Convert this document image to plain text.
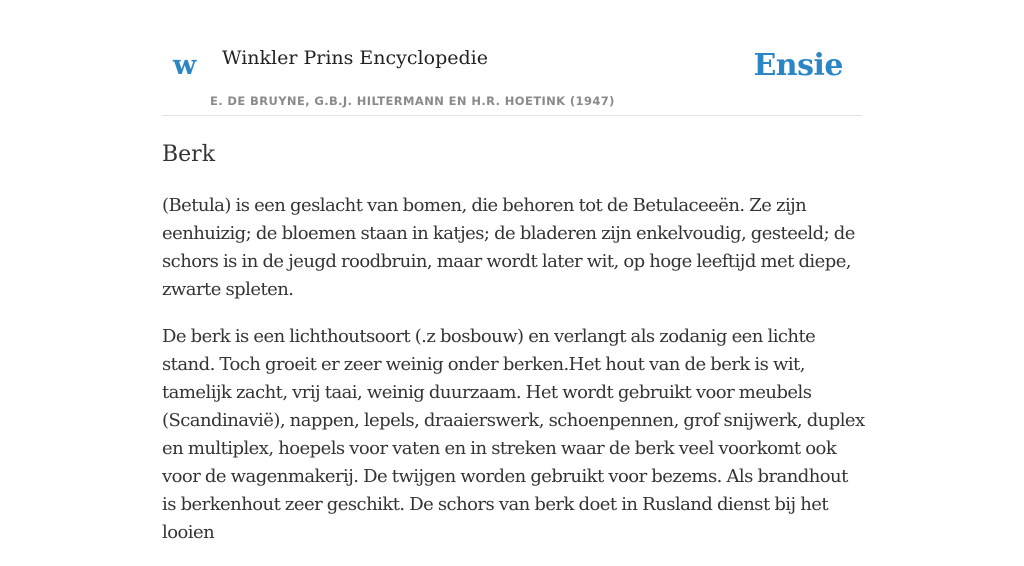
w Winkler Prins Encyclopedie
E. DE BRUYNE, G.B.J. HILTERMANN EN H.R. HOETINK (1947)
Ensie
Berk

(Betula) is een geslacht van bomen, die behoren tot de Betulaceeën. Ze zijn eenhuizig; de bloemen staan in katjes; de bladeren zijn enkelvoudig, gesteeld; de schors is in de jeugd roodbruin, maar wordt later wit, op hoge leeftijd met diepe, zwarte spleten.

De berk is een lichthoutsoort (.z bosbouw) en verlangt als zodanig een lichte stand. Toch groeit er zeer weinig onder berken.Het hout van de berk is wit, tamelijk zacht, vrij taai, weinig duurzaam. Het wordt gebruikt voor meubels (Scandinavië), nappen, lepels, draaierswerk, schoenpennen, grof snijwerk, duplex en multiplex, hoepels voor vaten en in streken waar de berk veel voorkomt ook voor de wagenmakerij. De twijgen worden gebruikt voor bezems. Als brandhout is berkenhout zeer geschikt. De schors van berk doet in Rusland dienst bij het looien
